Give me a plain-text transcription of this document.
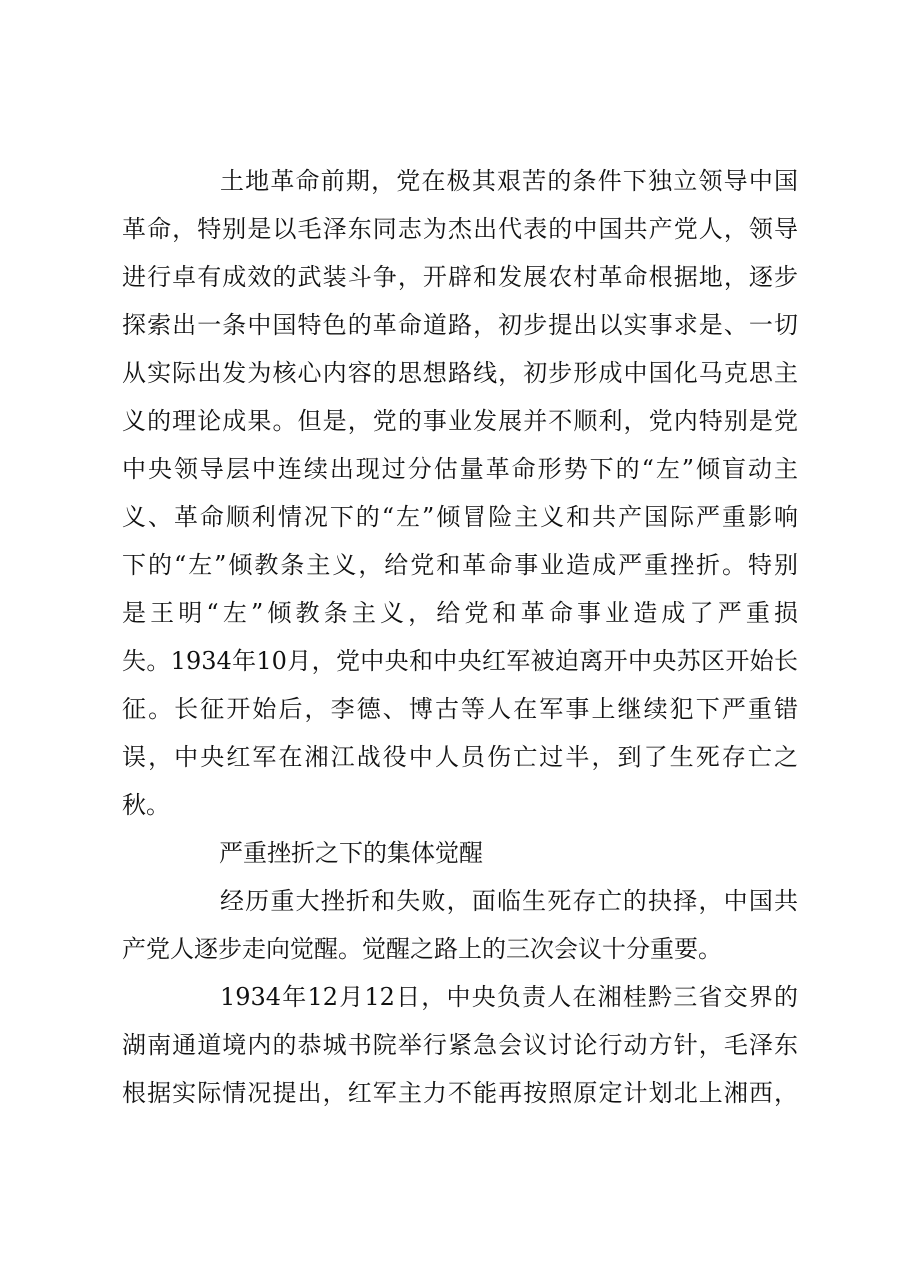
土地革命前期，党在极其艰苦的条件下独立领导中国
革命，特别是以毛泽东同志为杰出代表的中国共产党人，领导
进行卓有成效的武装斗争，开辟和发展农村革命根据地，逐步
探索出一条中国特色的革命道路，初步提出以实事求是、一切
从实际出发为核心内容的思想路线，初步形成中国化马克思主
义的理论成果。但是，党的事业发展并不顺利，党内特别是党
中央领导层中连续出现过分估量革命形势下的“左”倾盲动主
义、革命顺利情况下的“左”倾冒险主义和共产国际严重影响
下的“左”倾教条主义，给党和革命事业造成严重挫折。特别
是王明“左”倾教条主义，给党和革命事业造成了严重损
失。1934年10月，党中央和中央红军被迫离开中央苏区开始长
征。长征开始后，李德、博古等人在军事上继续犯下严重错
误，中央红军在湘江战役中人员伤亡过半，到了生死存亡之
秋。
严重挫折之下的集体觉醒
经历重大挫折和失败，面临生死存亡的抉择，中国共
产党人逐步走向觉醒。觉醒之路上的三次会议十分重要。
1934年12月12日，中央负责人在湘桂黔三省交界的
湖南通道境内的恭城书院举行紧急会议讨论行动方针，毛泽东
根据实际情况提出，红军主力不能再按照原定计划北上湘西，
